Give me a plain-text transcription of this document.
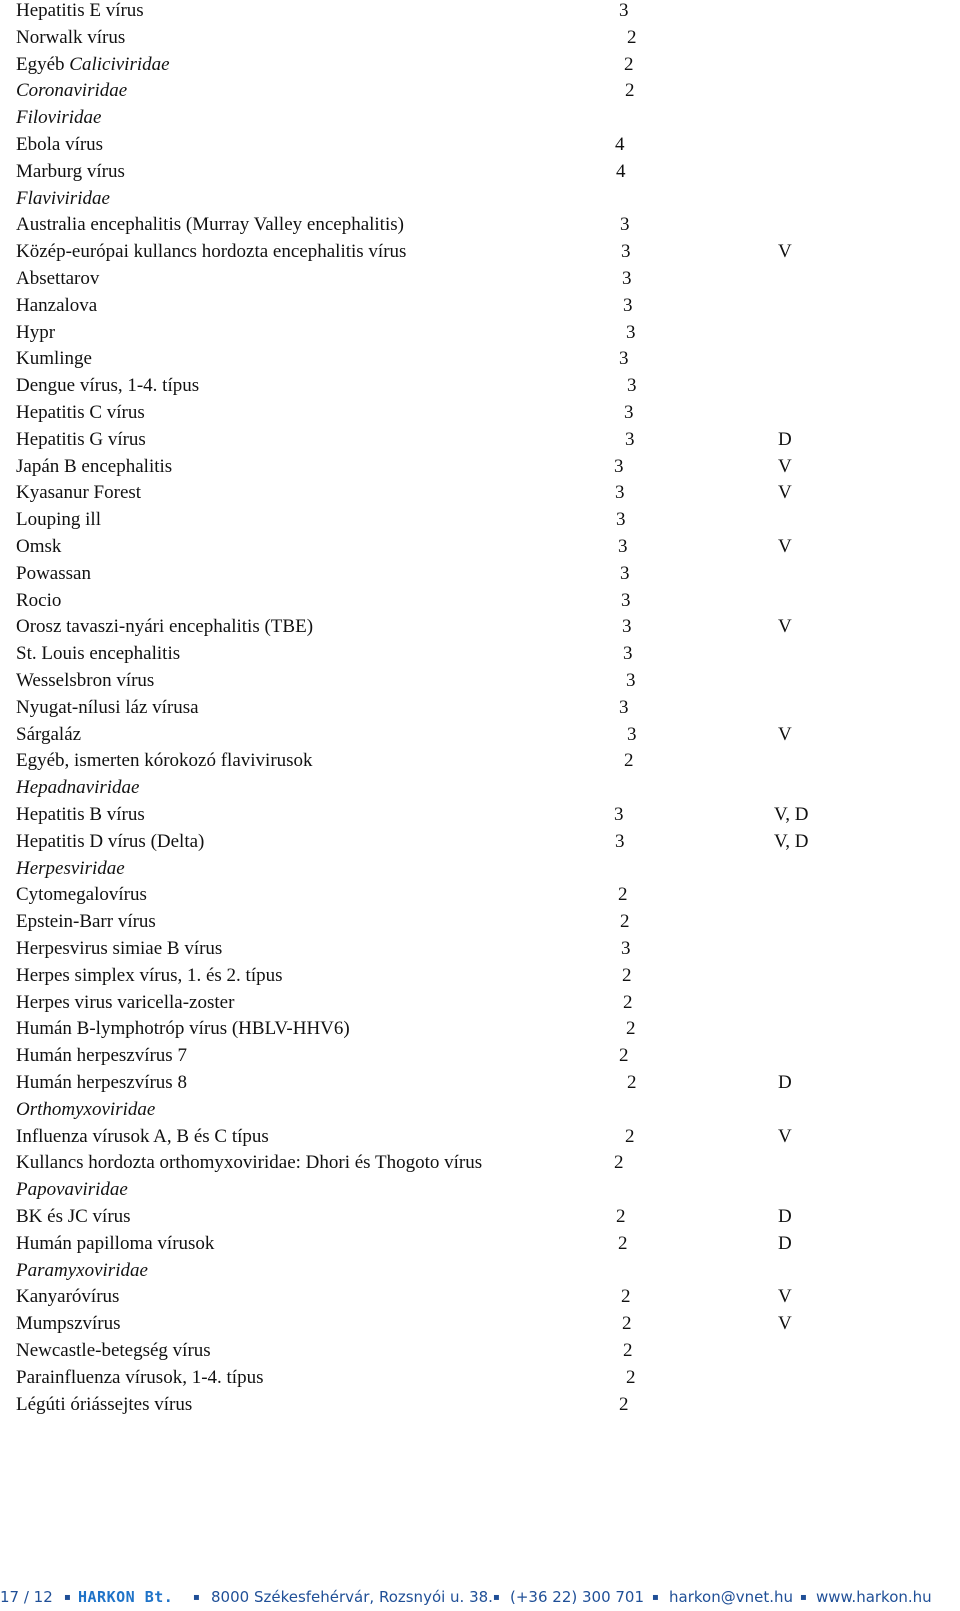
Hepatitis E vírus	3
Norwalk vírus	2
Egyéb Caliciviridae	2
Coronaviridae	2
Filoviridae
Ebola vírus	4
Marburg vírus	4
Flaviviridae
Australia encephalitis (Murray Valley encephalitis)	3
Közép-európai kullancs hordozta encephalitis vírus	3	V
Absettarov	3
Hanzalova	3
Hypr	3
Kumlinge	3
Dengue vírus, 1-4. típus	3
Hepatitis C vírus	3
Hepatitis G vírus	3	D
Japán B encephalitis	3	V
Kyasanur Forest	3	V
Louping ill	3
Omsk	3	V
Powassan	3
Rocio	3
Orosz tavaszi-nyári encephalitis (TBE)	3	V
St. Louis encephalitis	3
Wesselsbron vírus	3
Nyugat-nílusi láz vírusa	3
Sárgaláz	3	V
Egyéb, ismerten kórokozó flavivirusok	2
Hepadnaviridae
Hepatitis B vírus	3	V, D
Hepatitis D vírus (Delta)	3	V, D
Herpesviridae
Cytomegalovírus	2
Epstein-Barr vírus	2
Herpesvirus simiae B vírus	3
Herpes simplex vírus, 1. és 2. típus	2
Herpes virus varicella-zoster	2
Humán B-lymphotróp vírus (HBLV-HHV6)	2
Humán herpeszvírus 7	2
Humán herpeszvírus 8	2	D
Orthomyxoviridae
Influenza vírusok A, B és C típus	2	V
Kullancs hordozta orthomyxoviridae: Dhori és Thogoto vírus	2
Papovaviridae
BK és JC vírus	2	D
Humán papilloma vírusok	2	D
Paramyxoviridae
Kanyaróvírus	2	V
Mumpszvírus	2	V
Newcastle-betegség vírus	2
Parainfluenza vírusok, 1-4. típus	2
Légúti óriássejtes vírus	2
17 / 12 ▪ HARKON Bt. ▪ 8000 Székesfehérvár, Rozsnyói u. 38. ▪ (+36 22) 300 701 ▪ harkon@vnet.hu ▪ www.harkon.hu
